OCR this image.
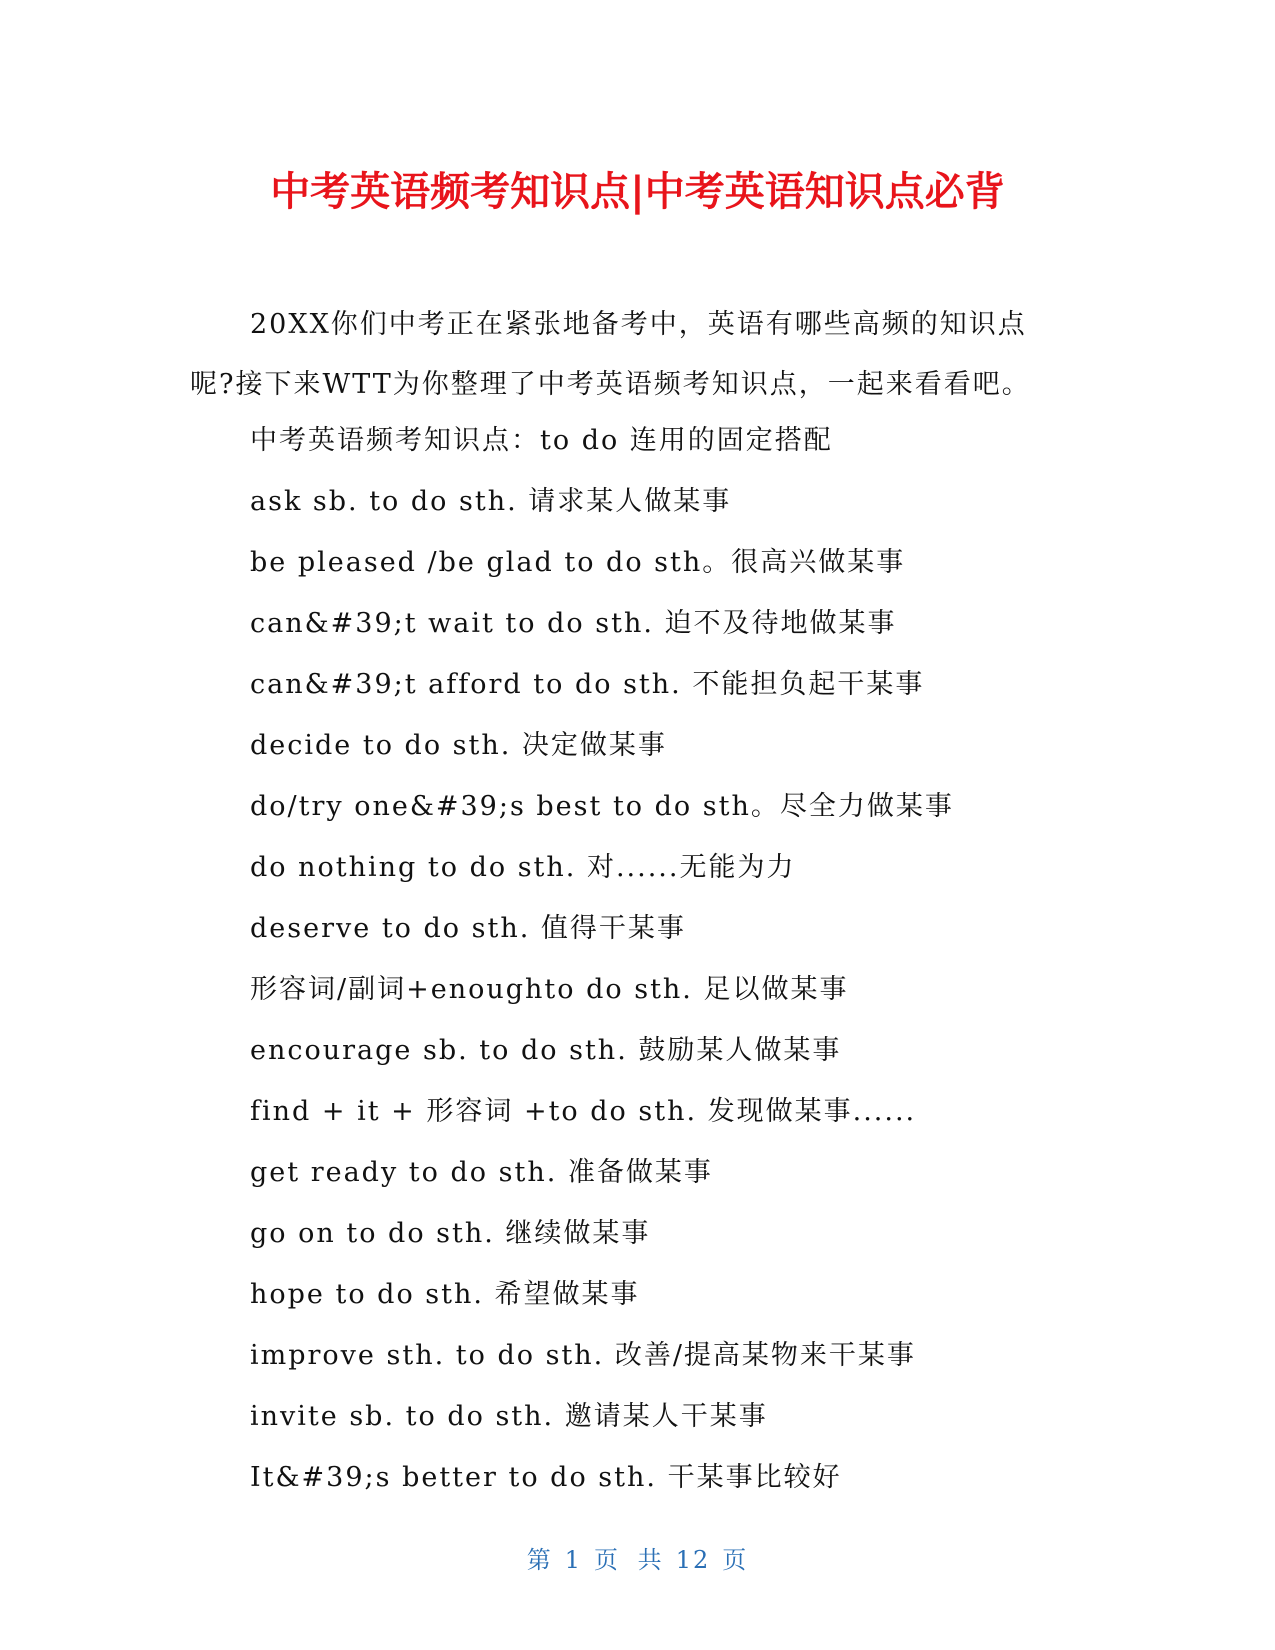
中考英语频考知识点|中考英语知识点必背
20XX你们中考正在紧张地备考中，英语有哪些高频的知识点
呢?接下来WTT为你整理了中考英语频考知识点，一起来看看吧。
中考英语频考知识点：to do 连用的固定搭配
ask sb. to do sth. 请求某人做某事
be pleased /be glad to do sth。很高兴做某事
can&#39;t wait to do sth. 迫不及待地做某事
can&#39;t afford to do sth. 不能担负起干某事
decide to do sth. 决定做某事
do/try one&#39;s best to do sth。尽全力做某事
do nothing to do sth. 对......无能为力
deserve to do sth. 值得干某事
形容词/副词+enoughto do sth. 足以做某事
encourage sb. to do sth. 鼓励某人做某事
find + it + 形容词 +to do sth. 发现做某事......
get ready to do sth. 准备做某事
go on to do sth. 继续做某事
hope to do sth. 希望做某事
improve sth. to do sth. 改善/提高某物来干某事
invite sb. to do sth. 邀请某人干某事
It&#39;s better to do sth. 干某事比较好
第 1 页 共 12 页
